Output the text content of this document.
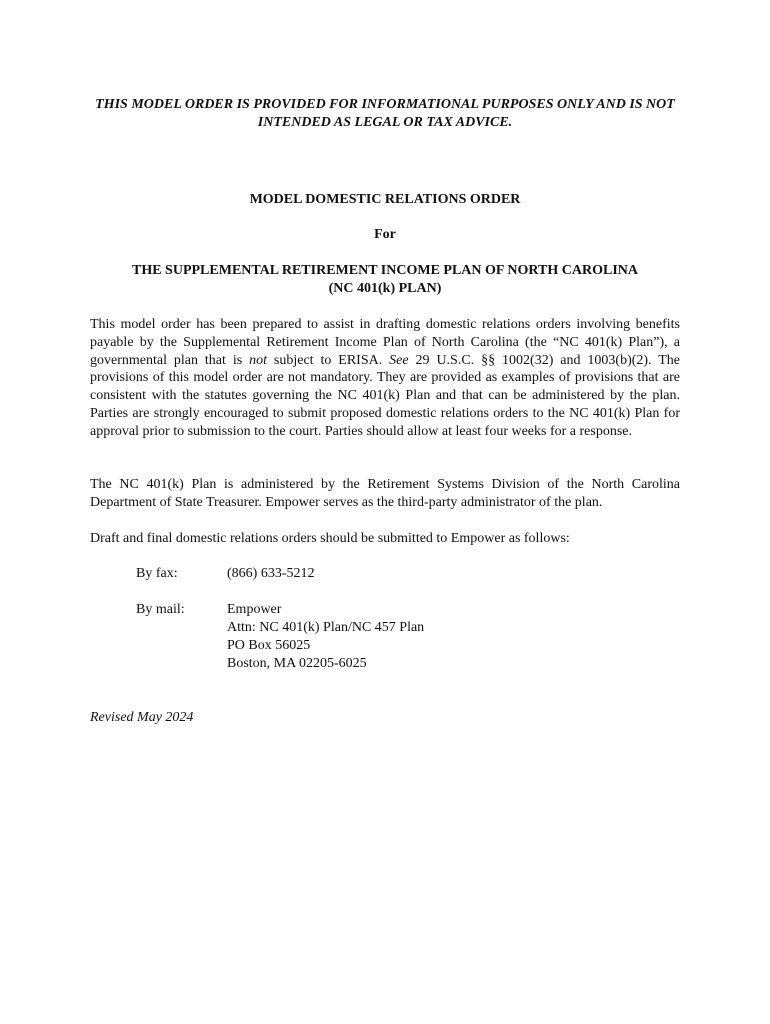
THIS MODEL ORDER IS PROVIDED FOR INFORMATIONAL PURPOSES ONLY AND IS NOT
INTENDED AS LEGAL OR TAX ADVICE.
MODEL DOMESTIC RELATIONS ORDER
For
THE SUPPLEMENTAL RETIREMENT INCOME PLAN OF NORTH CAROLINA
(NC 401(k) PLAN)
This model order has been prepared to assist in drafting domestic relations orders involving benefits payable by the Supplemental Retirement Income Plan of North Carolina (the “NC 401(k) Plan”), a governmental plan that is not subject to ERISA. See 29 U.S.C. §§ 1002(32) and 1003(b)(2). The provisions of this model order are not mandatory. They are provided as examples of provisions that are consistent with the statutes governing the NC 401(k) Plan and that can be administered by the plan. Parties are strongly encouraged to submit proposed domestic relations orders to the NC 401(k) Plan for approval prior to submission to the court. Parties should allow at least four weeks for a response.
The NC 401(k) Plan is administered by the Retirement Systems Division of the North Carolina Department of State Treasurer. Empower serves as the third-party administrator of the plan.
Draft and final domestic relations orders should be submitted to Empower as follows:
By fax:	(866) 633-5212
By mail:	Empower
Attn: NC 401(k) Plan/NC 457 Plan
PO Box 56025
Boston, MA 02205-6025
Revised May 2024
